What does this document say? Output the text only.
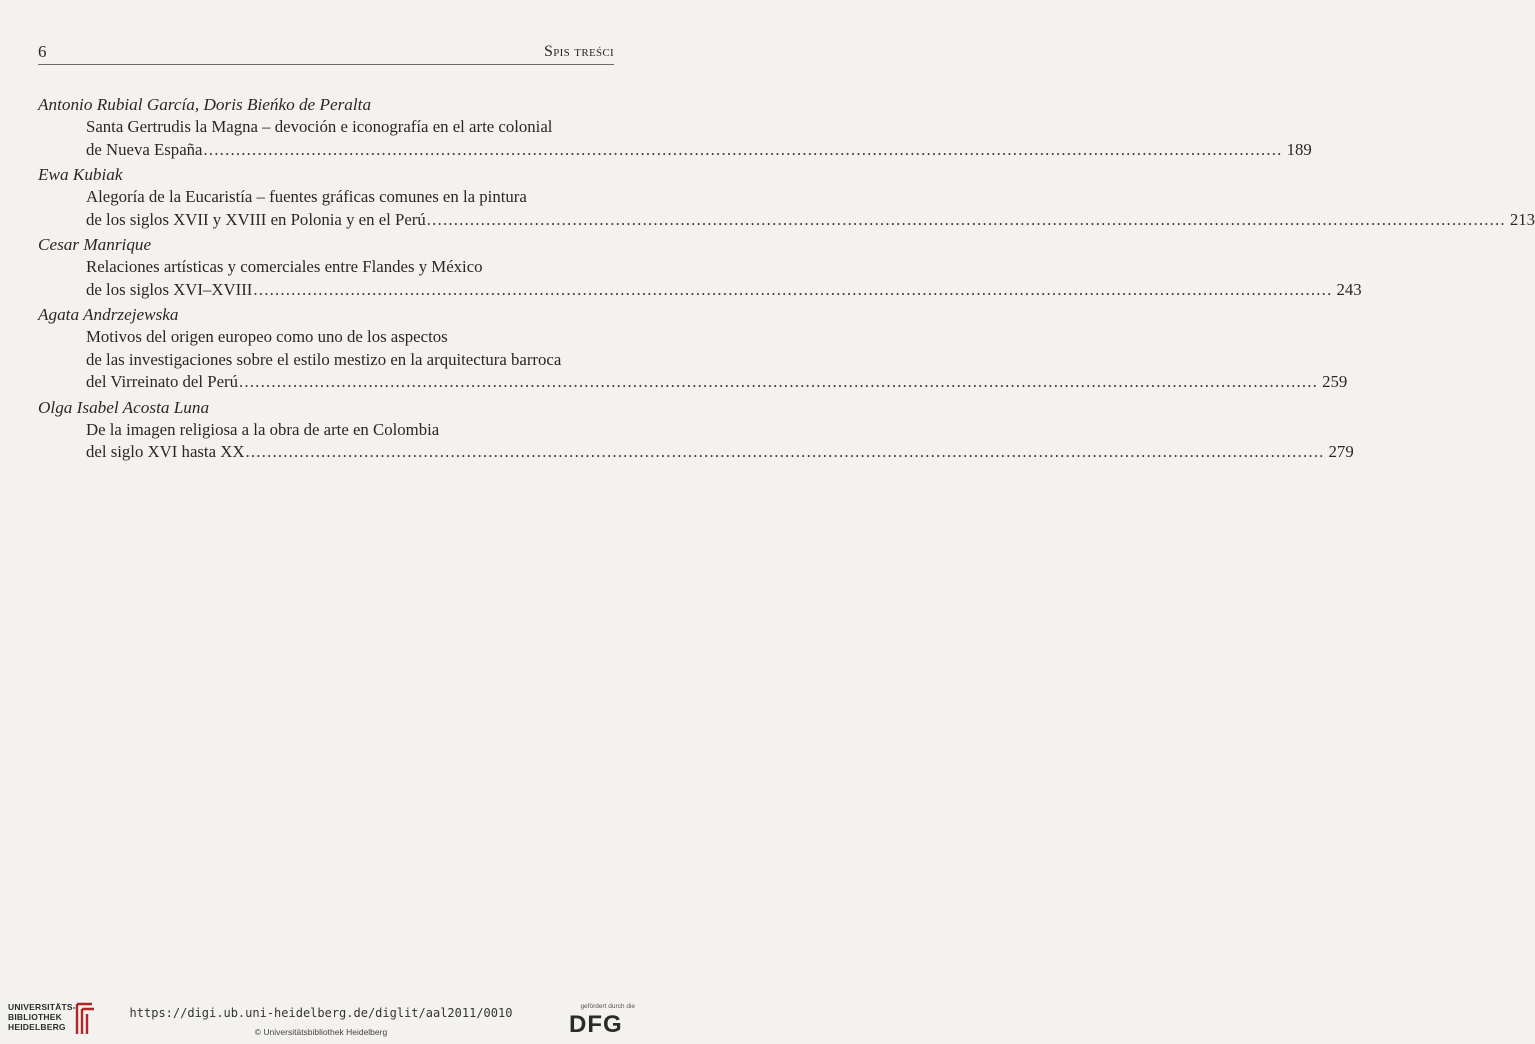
6	Spis treści
Antonio Rubial García, Doris Bieńko de Peralta
Santa Gertrudis la Magna – devoción e iconografía en el arte colonial
de Nueva España ........................................................................................................................................................................................................ 189
Ewa Kubiak
Alegoría de la Eucaristía – fuentes gráficas comunes en la pintura
de los siglos XVII y XVIII en Polonia y en el Perú ........................................................................................................................................................................................................ 213
Cesar Manrique
Relaciones artísticas y comerciales entre Flandes y México
de los siglos XVI–XVIII ........................................................................................................................................................................................................ 243
Agata Andrzejewska
Motivos del origen europeo como uno de los aspectos
de las investigaciones sobre el estilo mestizo en la arquitectura barroca
del Virreinato del Perú ........................................................................................................................................................................................................ 259
Olga Isabel Acosta Luna
De la imagen religiosa a la obra de arte en Colombia
del siglo XVI hasta XX ........................................................................................................................................................................................................ 279
UNIVERSITÄTS-
BIBLIOTHEK
HEIDELBERG
https://digi.ub.uni-heidelberg.de/diglit/aal2011/0010
© Universitätsbibliothek Heidelberg
gefördert durch die
DFG
